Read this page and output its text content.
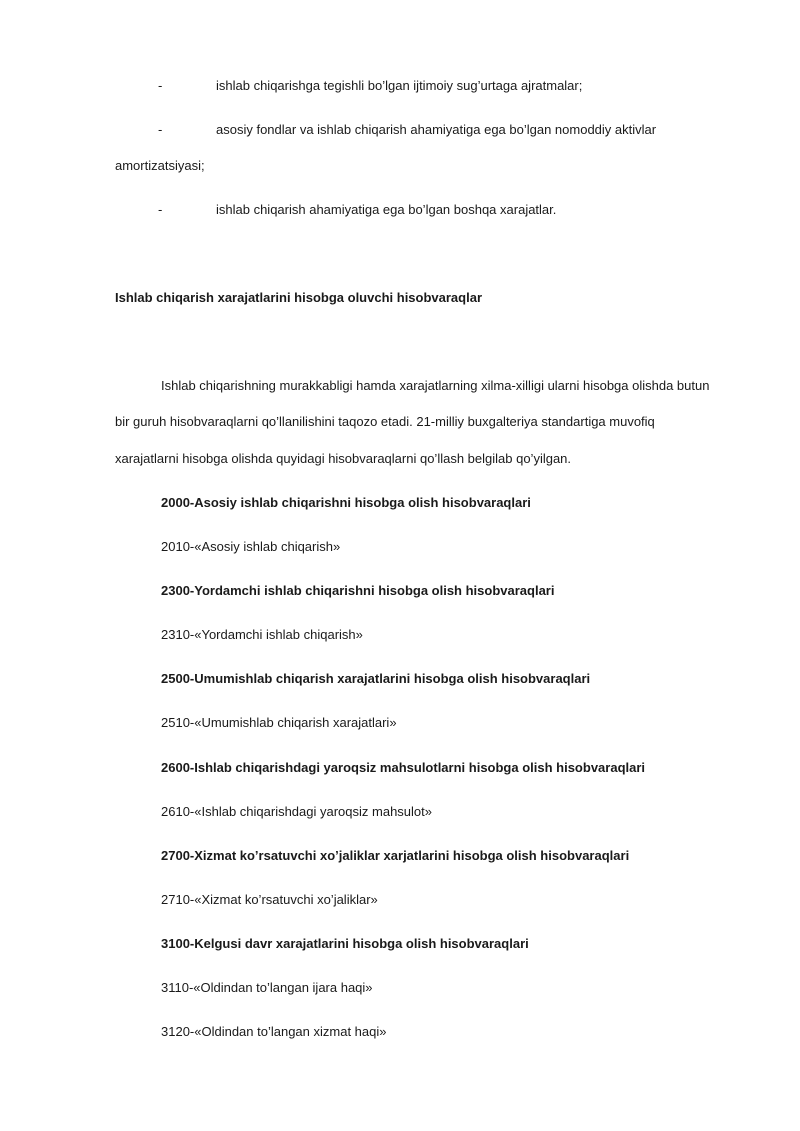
-	ishlab chiqarishga tegishli bo’lgan ijtimoiy sug’urtaga ajratmalar;
-	asosiy fondlar va ishlab chiqarish ahamiyatiga ega bo’lgan nomoddiy aktivlar
amortizatsiyasi;
-	ishlab chiqarish ahamiyatiga ega bo’lgan boshqa xarajatlar.
Ishlab chiqarish xarajatlarini hisobga oluvchi hisobvaraqlar
Ishlab chiqarishning murakkabligi hamda xarajatlarning xilma-xilligi ularni hisobga olishda butun
bir guruh hisobvaraqlarni qo’llanilishini taqozo etadi. 21-milliy buxgalteriya standartiga muvofiq
xarajatlarni hisobga olishda quyidagi hisobvaraqlarni qo’llash belgilab qo’yilgan.
2000-Asosiy ishlab chiqarishni hisobga olish hisobvaraqlari
2010-«Asosiy ishlab chiqarish»
2300-Yordamchi ishlab chiqarishni hisobga olish hisobvaraqlari
2310-«Yordamchi ishlab chiqarish»
2500-Umumishlab chiqarish xarajatlarini hisobga olish hisobvaraqlari
2510-«Umumishlab chiqarish xarajatlari»
2600-Ishlab chiqarishdagi yaroqsiz mahsulotlarni hisobga olish hisobvaraqlari
2610-«Ishlab chiqarishdagi yaroqsiz mahsulot»
2700-Xizmat ko’rsatuvchi xo’jaliklar xarjatlarini hisobga olish hisobvaraqlari
2710-«Xizmat ko’rsatuvchi xo’jaliklar»
3100-Kelgusi davr xarajatlarini hisobga olish hisobvaraqlari
3110-«Oldindan to’langan ijara haqi»
3120-«Oldindan to’langan xizmat haqi»
